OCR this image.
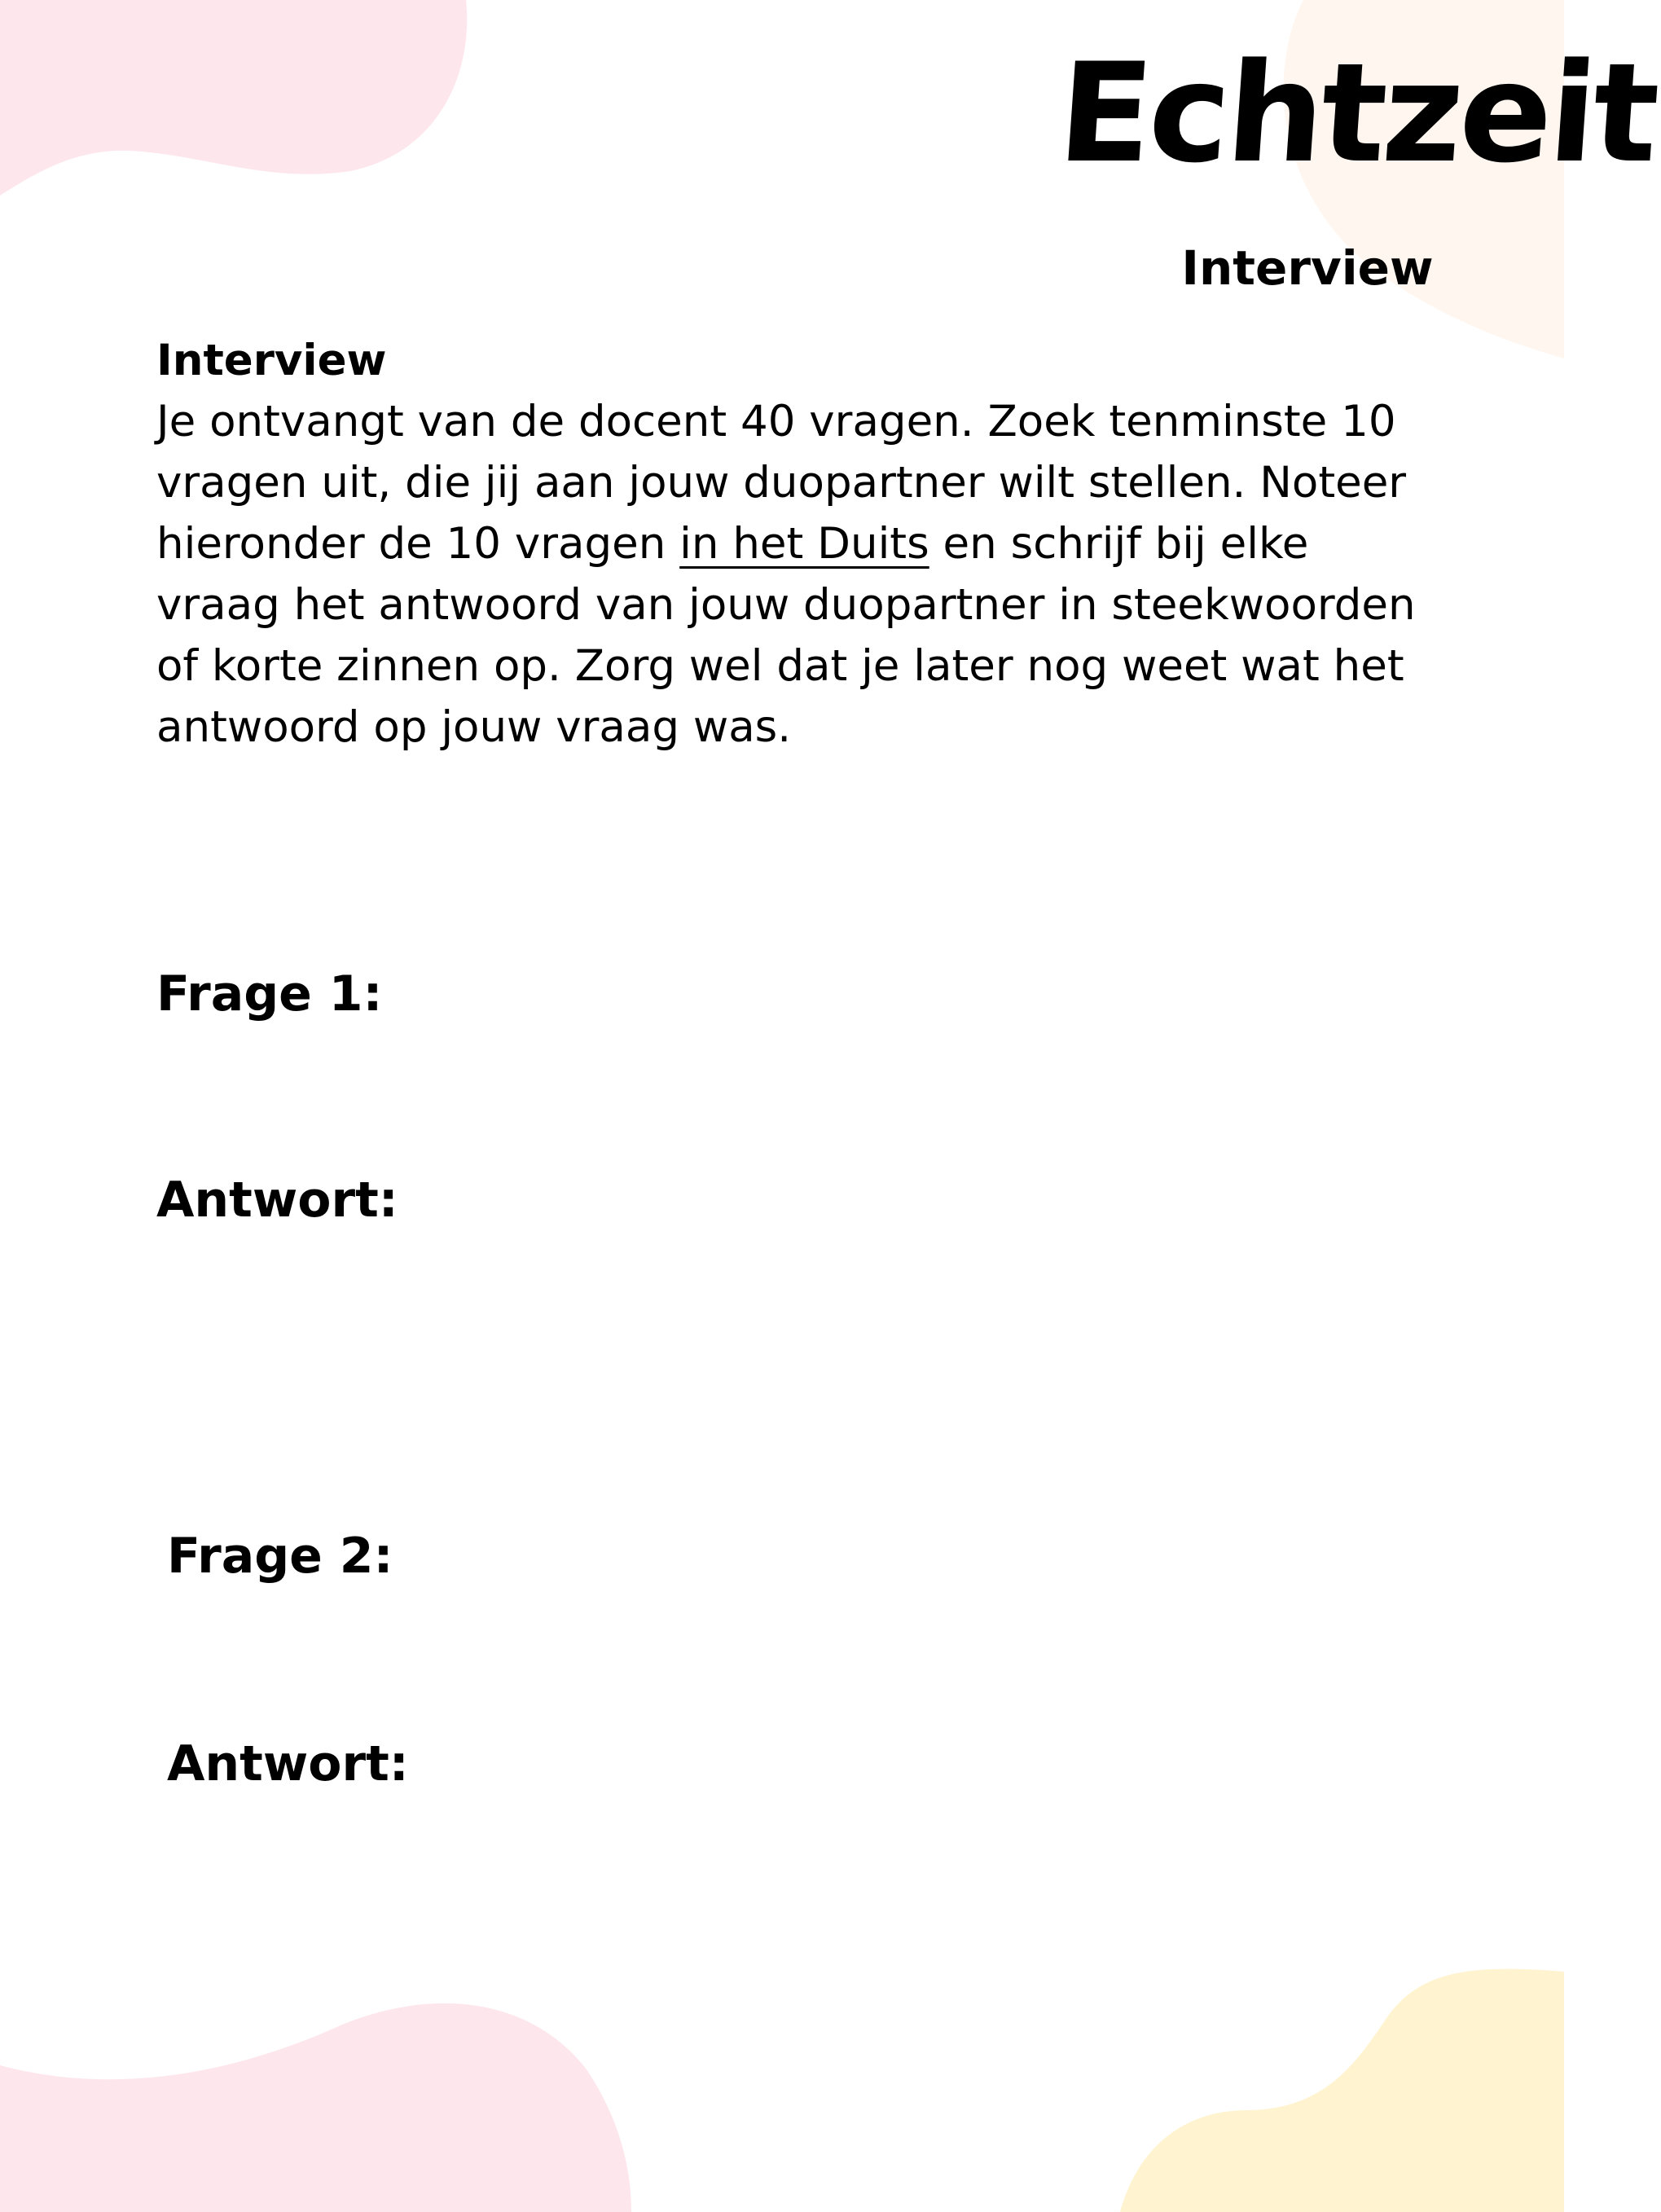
Echtzeit
Interview
Interview
Je ontvangt van de docent 40 vragen. Zoek tenminste 10 vragen uit, die jij aan jouw duopartner wilt stellen. Noteer hieronder de 10 vragen in het Duits en schrijf bij elke vraag het antwoord van jouw duopartner in steekwoorden of korte zinnen op. Zorg wel dat je later nog weet wat het antwoord op jouw vraag was.
Frage 1:
Antwort:
Frage 2:
Antwort:
